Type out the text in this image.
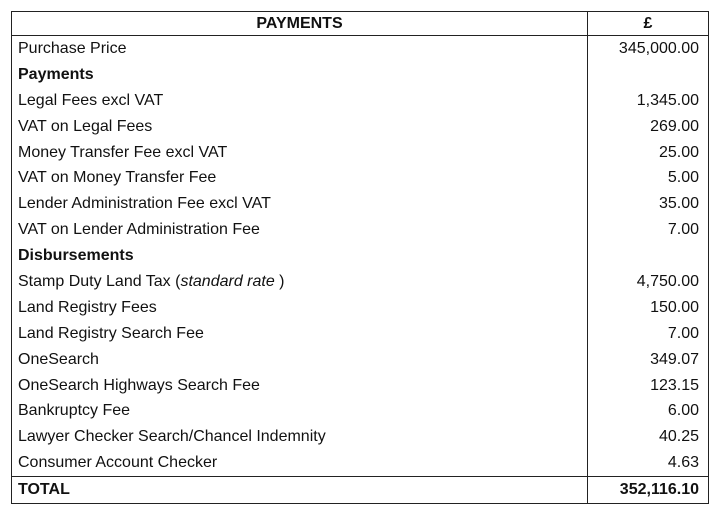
PAYMENTS	£
Purchase Price	345,000.00
Payments	
Legal Fees excl VAT	1,345.00
VAT on Legal Fees	269.00
Money Transfer Fee excl VAT	25.00
VAT on Money Transfer Fee	5.00
Lender Administration Fee excl VAT	35.00
VAT on Lender Administration Fee	7.00
Disbursements	
Stamp Duty Land Tax (standard rate )	4,750.00
Land Registry Fees	150.00
Land Registry Search Fee	7.00
OneSearch	349.07
OneSearch Highways Search Fee	123.15
Bankruptcy Fee	6.00
Lawyer Checker Search/Chancel Indemnity	40.25
Consumer Account Checker	4.63
TOTAL	352,116.10
